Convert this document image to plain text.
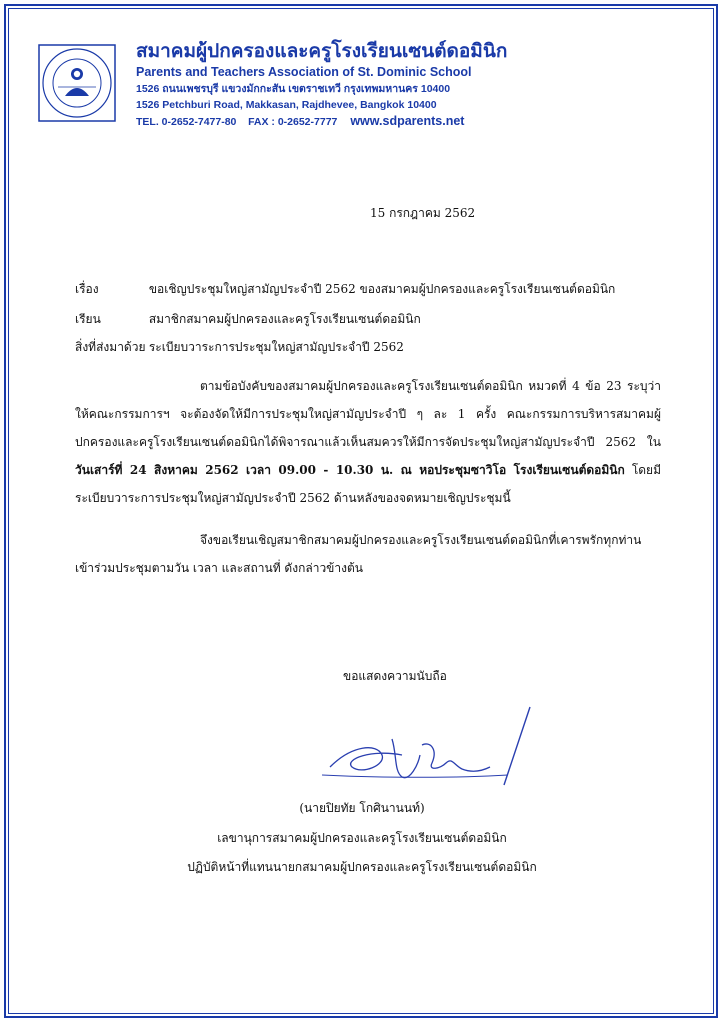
สมาคมผู้ปกครองและครูโรงเรียนเซนต์ดอมินิก

Parents and Teachers Association of St. Dominic School

1526 ถนนเพชรบุรี แขวงมักกะสัน เขตราชเทวี กรุงเทพมหานคร 10400

1526 Petchburi Road, Makkasan, Rajdhevee, Bangkok 10400

TEL. 0-2652-7477-80 FAX : 0-2652-7777 www.sdparents.net

15 กรกฎาคม 2562
เรื่อง	ขอเชิญประชุมใหญ่สามัญประจำปี 2562 ของสมาคมผู้ปกครองและครูโรงเรียนเซนต์ดอมินิก
เรียน	สมาชิกสมาคมผู้ปกครองและครูโรงเรียนเซนต์ดอมินิก
สิ่งที่ส่งมาด้วย ระเบียบวาระการประชุมใหญ่สามัญประจำปี 2562
ตามข้อบังคับของสมาคมผู้ปกครองและครูโรงเรียนเซนต์ดอมินิก หมวดที่ 4 ข้อ 23 ระบุว่าให้คณะกรรมการฯ จะต้องจัดให้มีการประชุมใหญ่สามัญประจำปี ๆ ละ 1 ครั้ง คณะกรรมการบริหารสมาคมผู้ปกครองและครูโรงเรียนเซนต์ดอมินิกได้พิจารณาแล้วเห็นสมควรให้มีการจัดประชุมใหญ่สามัญประจำปี 2562 ในวันเสาร์ที่ 24 สิงหาคม 2562 เวลา 09.00 - 10.30 น. ณ หอประชุมซาวิโอ โรงเรียนเซนต์ดอมินิก โดยมีระเบียบวาระการประชุมใหญ่สามัญประจำปี 2562 ด้านหลังของจดหมายเชิญประชุมนี้
จึงขอเรียนเชิญสมาชิกสมาคมผู้ปกครองและครูโรงเรียนเซนต์ดอมินิกที่เคารพรักทุกท่าน เข้าร่วมประชุมตามวัน เวลา และสถานที่ ดังกล่าวข้างต้น
ขอแสดงความนับถือ
(นายปิยทัย โกศินานนท์)
เลขานุการสมาคมผู้ปกครองและครูโรงเรียนเซนต์ดอมินิก
ปฏิบัติหน้าที่แทนนายกสมาคมผู้ปกครองและครูโรงเรียนเซนต์ดอมินิก
